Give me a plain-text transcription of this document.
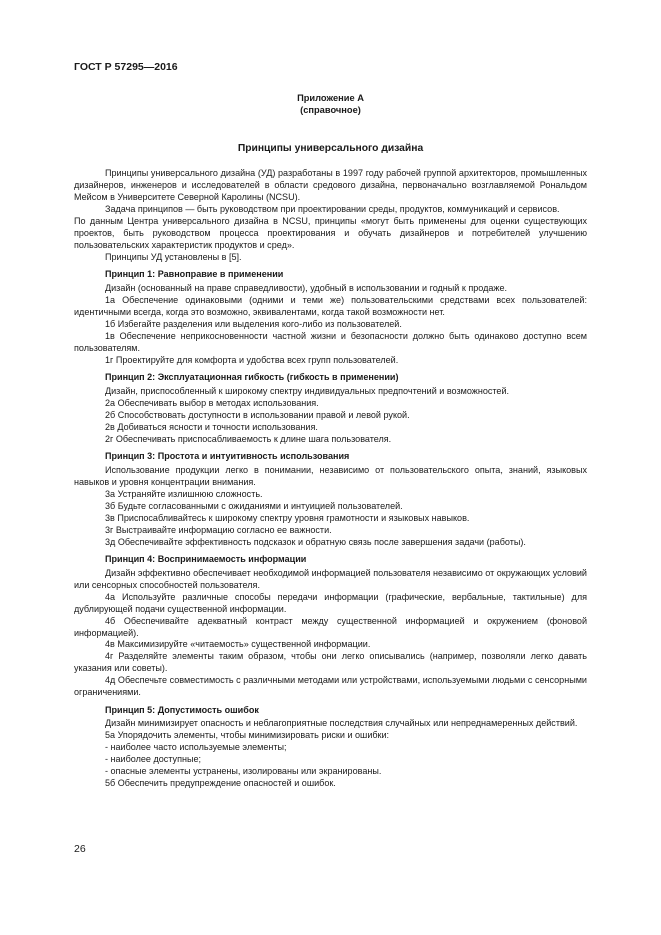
ГОСТ Р 57295—2016
Приложение А
(справочное)
Принципы универсального дизайна

Принципы универсального дизайна (УД) разработаны в 1997 году рабочей группой архитекторов, промышленных дизайнеров, инженеров и исследователей в области средового дизайна, первоначально возглавляемой Рональдом Мейсом в Университете Северной Каролины (NCSU).

Задача принципов — быть руководством при проектировании среды, продуктов, коммуникаций и сервисов.

По данным Центра универсального дизайна в NCSU, принципы «могут быть применены для оценки существующих проектов, быть руководством процесса проектирования и обучать дизайнеров и потребителей улучшению пользовательских характеристик продуктов и сред».

Принципы УД установлены в [5].

Принцип 1: Равноправие в применении

Дизайн (основанный на праве справедливости), удобный в использовании и годный к продаже.

1а Обеспечение одинаковыми (одними и теми же) пользовательскими средствами всех пользователей: идентичными всегда, когда это возможно, эквивалентами, когда такой возможности нет.

1б Избегайте разделения или выделения кого-либо из пользователей.

1в Обеспечение неприкосновенности частной жизни и безопасности должно быть одинаково доступно всем пользователям.

1г Проектируйте для комфорта и удобства всех групп пользователей.

Принцип 2: Эксплуатационная гибкость (гибкость в применении)

Дизайн, приспособленный к широкому спектру индивидуальных предпочтений и возможностей.

2а Обеспечивать выбор в методах использования.

2б Способствовать доступности в использовании правой и левой рукой.

2в Добиваться ясности и точности использования.

2г Обеспечивать приспосабливаемость к длине шага пользователя.

Принцип 3: Простота и интуитивность использования

Использование продукции легко в понимании, независимо от пользовательского опыта, знаний, языковых навыков и уровня концентрации внимания.

3а Устраняйте излишнюю сложность.

3б Будьте согласованными с ожиданиями и интуицией пользователей.

3в Приспосабливайтесь к широкому спектру уровня грамотности и языковых навыков.

3г Выстраивайте информацию согласно ее важности.

3д Обеспечивайте эффективность подсказок и обратную связь после завершения задачи (работы).

Принцип 4: Воспринимаемость информации

Дизайн эффективно обеспечивает необходимой информацией пользователя независимо от окружающих условий или сенсорных способностей пользователя.

4а Используйте различные способы передачи информации (графические, вербальные, тактильные) для дублирующей подачи существенной информации.

4б Обеспечивайте адекватный контраст между существенной информацией и окружением (фоновой информацией).

4в Максимизируйте «читаемость» существенной информации.

4г Разделяйте элементы таким образом, чтобы они легко описывались (например, позволяли легко давать указания или советы).

4д Обеспечьте совместимость с различными методами или устройствами, используемыми людьми с сенсорными ограничениями.

Принцип 5: Допустимость ошибок

Дизайн минимизирует опасность и неблагоприятные последствия случайных или непреднамеренных действий.

5а Упорядочить элементы, чтобы минимизировать риски и ошибки:

- наиболее часто используемые элементы;

- наиболее доступные;

- опасные элементы устранены, изолированы или экранированы.

5б Обеспечить предупреждение опасностей и ошибок.

26
